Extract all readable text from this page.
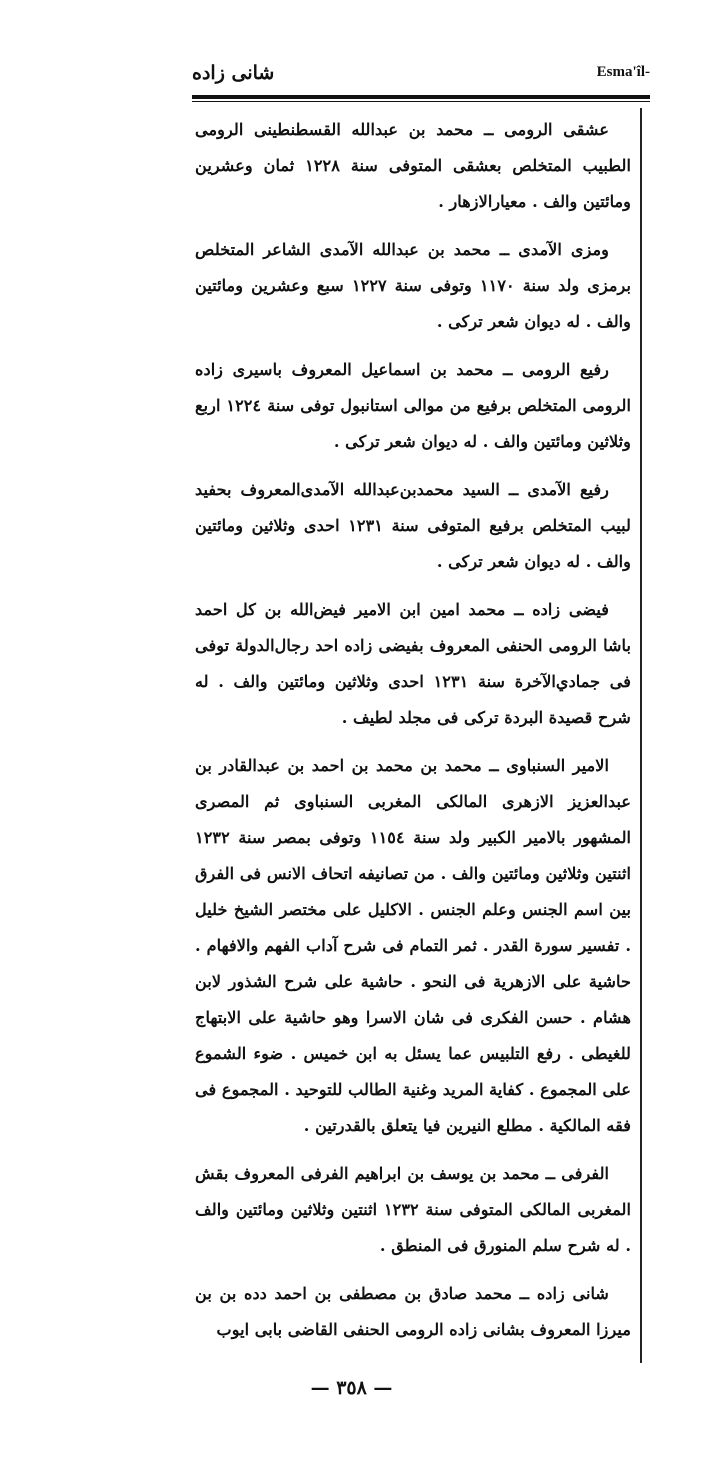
شانى زاده	Esma'îl-

عشقى الرومى ــ محمد بن عبدالله القسطنطينى الرومى الطبيب المتخلص بعشقى المتوفى سنة ١٢٢٨ ثمان وعشرين ومائتين والف . معيارالازهار .

ومزى الآمدى ــ محمد بن عبدالله الآمدى الشاعر المتخلص برمزى ولد سنة ١١٧٠ وتوفى سنة ١٢٢٧ سبع وعشرين ومائتين والف . له ديوان شعر تركى .

رفيع الرومى ــ محمد بن اسماعيل المعروف باسيرى زاده الرومى المتخلص برفيع من موالى استانبول توفى سنة ١٢٢٤ اربع وثلاثين ومائتين والف . له ديوان شعر تركى .

رفيع الآمدى ــ السيد محمدبن‌عبدالله الآمدى‌المعروف بحفيد لبيب المتخلص برفيع المتوفى سنة ١٢٣١ احدى وثلاثين ومائتين والف . له ديوان شعر تركى .

فيضى زاده ــ محمد امين ابن الامير فيض‌الله بن كل احمد باشا الرومى الحنفى المعروف بفيضى زاده احد رجال‌الدولة توفى فى جمادي‌الآخرة سنة ١٢٣١ احدى وثلاثين ومائتين والف . له شرح قصيدة البردة تركى فى مجلد لطيف .

الامير السنباوى ــ محمد بن محمد بن احمد بن عبدالقادر بن عبدالعزيز الازهرى المالكى المغربى السنباوى ثم المصرى المشهور بالامير الكبير ولد سنة ١١٥٤ وتوفى بمصر سنة ١٢٣٢ اثنتين وثلاثين ومائتين والف . من تصانيفه اتحاف الانس فى الفرق بين اسم الجنس وعلم الجنس . الاكليل على مختصر الشيخ خليل . تفسير سورة القدر . ثمر التمام فى شرح آداب الفهم والافهام . حاشية على الازهرية فى النحو . حاشية على شرح الشذور لابن هشام . حسن الفكرى فى شان الاسرا وهو حاشية على الابتهاج للغيطى . رفع التلبيس عما يسئل به ابن خميس . ضوء الشموع على المجموع . كفاية المريد وغنية الطالب للتوحيد . المجموع فى فقه المالكية . مطلع النيرين فيا يتعلق بالقدرتين .

الفرفى ــ محمد بن يوسف بن ابراهيم الفرفى المعروف بقش المغربى المالكى المتوفى سنة ١٢٣٢ اثنتين وثلاثين ومائتين والف . له شرح سلم المنورق فى المنطق .

شانى زاده ــ محمد صادق بن مصطفى بن احمد دده بن بن ميرزا المعروف بشانى زاده الرومى الحنفى القاضى بابى ايوب

— ٣٥٨ —
